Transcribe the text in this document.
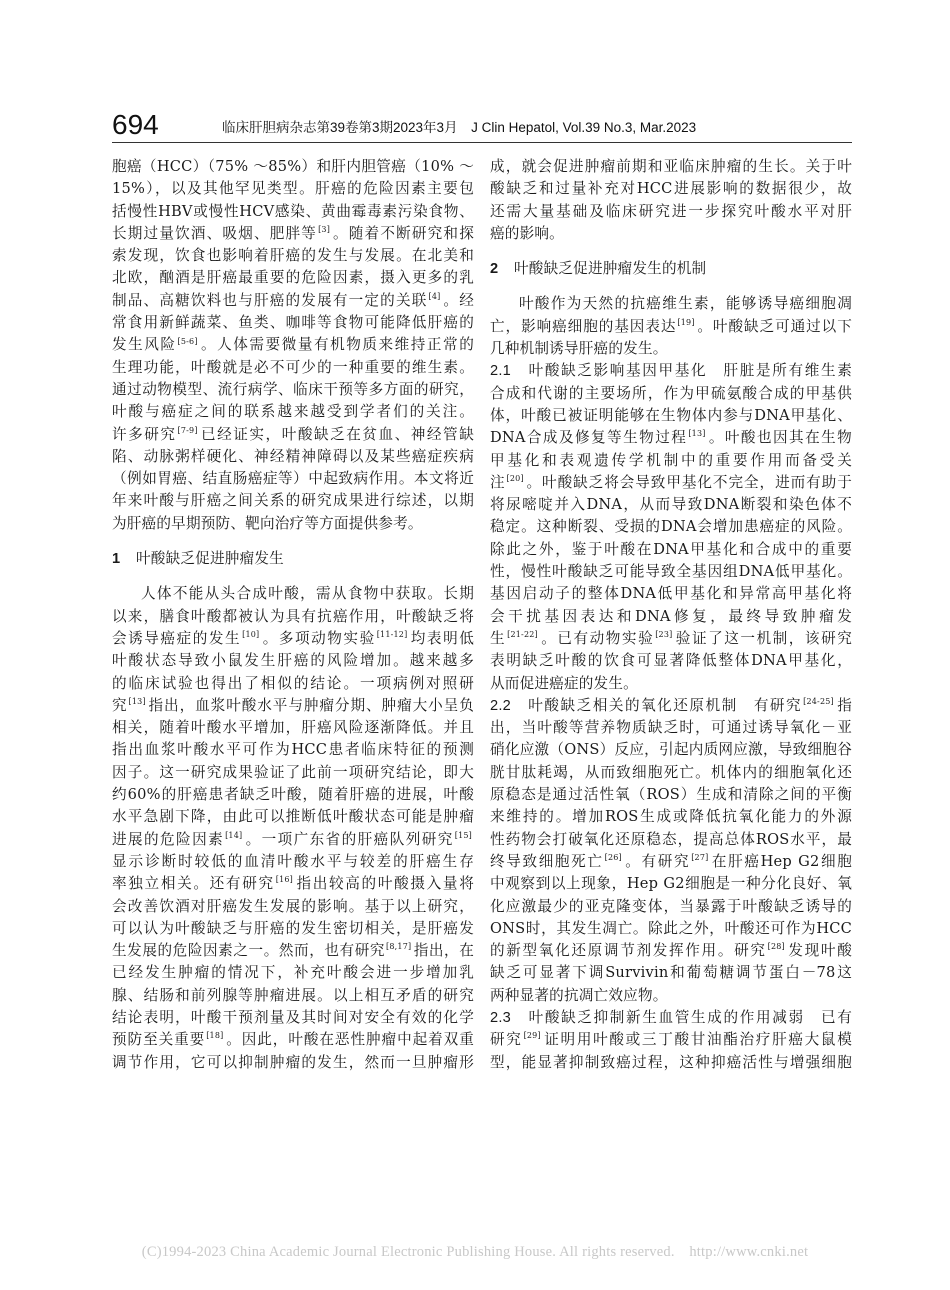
694	临床肝胆病杂志第39卷第3期2023年3月　J Clin Hepatol, Vol.39 No.3, Mar.2023
胞癌（HCC）（75% ～85%）和肝内胆管癌（10% ～
15%），以及其他罕见类型。肝癌的危险因素主要包
括慢性HBV或慢性HCV感染、黄曲霉毒素污染食物、
长期过量饮酒、吸烟、肥胖等[3] 。随着不断研究和探
索发现，饮食也影响着肝癌的发生与发展。在北美和
北欧，酗酒是肝癌最重要的危险因素，摄入更多的乳
制品、高糖饮料也与肝癌的发展有一定的关联[4] 。经
常食用新鲜蔬菜、鱼类、咖啡等食物可能降低肝癌的
发生风险[5-6] 。人体需要微量有机物质来维持正常的
生理功能，叶酸就是必不可少的一种重要的维生素。
通过动物模型、流行病学、临床干预等多方面的研究，
叶酸与癌症之间的联系越来越受到学者们的关注。
许多研究[7-9] 已经证实，叶酸缺乏在贫血、神经管缺
陷、动脉粥样硬化、神经精神障碍以及某些癌症疾病
（例如胃癌、结直肠癌症等）中起致病作用。本文将近
年来叶酸与肝癌之间关系的研究成果进行综述，以期
为肝癌的早期预防、靶向治疗等方面提供参考。
1 叶酸缺乏促进肿瘤发生
人体不能从头合成叶酸，需从食物中获取。长期
以来，膳食叶酸都被认为具有抗癌作用，叶酸缺乏将
会诱导癌症的发生[10] 。多项动物实验[11-12] 均表明低
叶酸状态导致小鼠发生肝癌的风险增加。越来越多
的临床试验也得出了相似的结论。一项病例对照研
究[13] 指出，血浆叶酸水平与肿瘤分期、肿瘤大小呈负
相关，随着叶酸水平增加，肝癌风险逐渐降低。并且
指出血浆叶酸水平可作为HCC患者临床特征的预测
因子。这一研究成果验证了此前一项研究结论，即大
约60%的肝癌患者缺乏叶酸，随着肝癌的进展，叶酸
水平急剧下降，由此可以推断低叶酸状态可能是肿瘤
进展的危险因素[14] 。一项广东省的肝癌队列研究[15]
显示诊断时较低的血清叶酸水平与较差的肝癌生存
率独立相关。还有研究[16] 指出较高的叶酸摄入量将
会改善饮酒对肝癌发生发展的影响。基于以上研究，
可以认为叶酸缺乏与肝癌的发生密切相关，是肝癌发
生发展的危险因素之一。然而，也有研究[8,17] 指出，在
已经发生肿瘤的情况下，补充叶酸会进一步增加乳
腺、结肠和前列腺等肿瘤进展。以上相互矛盾的研究
结论表明，叶酸干预剂量及其时间对安全有效的化学
预防至关重要[18] 。因此，叶酸在恶性肿瘤中起着双重
调节作用，它可以抑制肿瘤的发生，然而一旦肿瘤形
成，就会促进肿瘤前期和亚临床肿瘤的生长。关于叶
酸缺乏和过量补充对HCC进展影响的数据很少，故
还需大量基础及临床研究进一步探究叶酸水平对肝
癌的影响。
2 叶酸缺乏促进肿瘤发生的机制
叶酸作为天然的抗癌维生素，能够诱导癌细胞凋
亡，影响癌细胞的基因表达[19] 。叶酸缺乏可通过以下
几种机制诱导肝癌的发生。
2.1　叶酸缺乏影响基因甲基化　肝脏是所有维生素
合成和代谢的主要场所，作为甲硫氨酸合成的甲基供
体，叶酸已被证明能够在生物体内参与DNA甲基化、
DNA合成及修复等生物过程[13] 。叶酸也因其在生物
甲基化和表观遗传学机制中的重要作用而备受关
注[20] 。叶酸缺乏将会导致甲基化不完全，进而有助于
将尿嘧啶并入DNA，从而导致DNA断裂和染色体不
稳定。这种断裂、受损的DNA会增加患癌症的风险。
除此之外，鉴于叶酸在DNA甲基化和合成中的重要
性，慢性叶酸缺乏可能导致全基因组DNA低甲基化。
基因启动子的整体DNA低甲基化和异常高甲基化将
会干扰基因表达和DNA修复，最终导致肿瘤发
生[21-22] 。已有动物实验[23] 验证了这一机制，该研究
表明缺乏叶酸的饮食可显著降低整体DNA甲基化，
从而促进癌症的发生。
2.2　叶酸缺乏相关的氧化还原机制　有研究[24-25] 指
出，当叶酸等营养物质缺乏时，可通过诱导氧化－亚
硝化应激（ONS）反应，引起内质网应激，导致细胞谷
胱甘肽耗竭，从而致细胞死亡。机体内的细胞氧化还
原稳态是通过活性氧（ROS）生成和清除之间的平衡
来维持的。增加ROS生成或降低抗氧化能力的外源
性药物会打破氧化还原稳态，提高总体ROS水平，最
终导致细胞死亡[26] 。有研究[27] 在肝癌Hep G2细胞
中观察到以上现象，Hep G2细胞是一种分化良好、氧
化应激最少的亚克隆变体，当暴露于叶酸缺乏诱导的
ONS时，其发生凋亡。除此之外，叶酸还可作为HCC
的新型氧化还原调节剂发挥作用。研究[28] 发现叶酸
缺乏可显著下调Survivin和葡萄糖调节蛋白－78这
两种显著的抗凋亡效应物。
2.3　叶酸缺乏抑制新生血管生成的作用减弱　已有
研究[29] 证明用叶酸或三丁酸甘油酯治疗肝癌大鼠模
型，能显著抑制致癌过程，这种抑癌活性与增强细胞
(C)1994-2023 China Academic Journal Electronic Publishing House. All rights reserved.　http://www.cnki.net
